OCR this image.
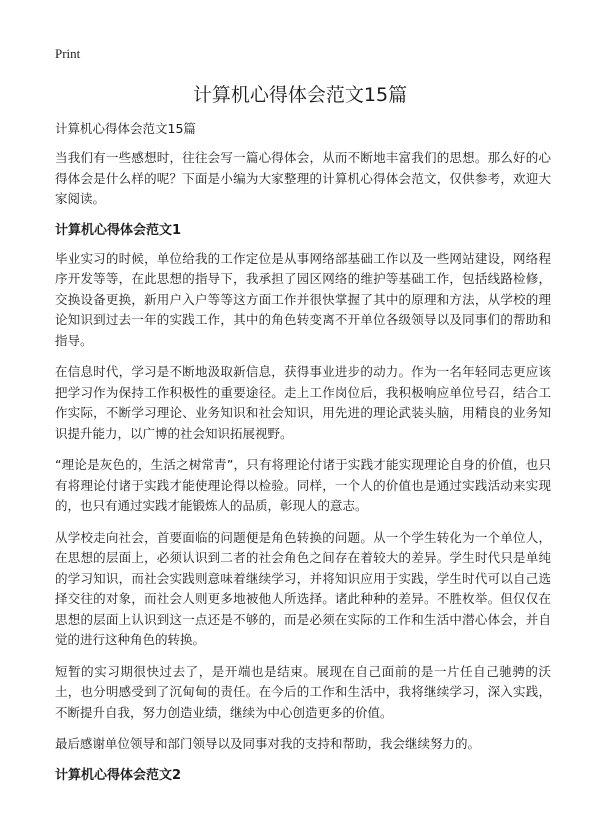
Print
计算机心得体会范文15篇
计算机心得体会范文15篇

当我们有一些感想时，往往会写一篇心得体会，从而不断地丰富我们的思想。那么好的心得体会是什么样的呢？下面是小编为大家整理的计算机心得体会范文，仅供参考，欢迎大家阅读。

计算机心得体会范文1

毕业实习的时候，单位给我的工作定位是从事网络部基础工作以及一些网站建设，网络程序开发等等，在此思想的指导下，我承担了园区网络的维护等基础工作，包括线路检修，交换设备更换，新用户入户等等这方面工作并很快掌握了其中的原理和方法，从学校的理论知识到过去一年的实践工作，其中的角色转变离不开单位各级领导以及同事们的帮助和指导。

在信息时代，学习是不断地汲取新信息，获得事业进步的动力。作为一名年轻同志更应该把学习作为保持工作积极性的重要途径。走上工作岗位后，我积极响应单位号召，结合工作实际，不断学习理论、业务知识和社会知识，用先进的理论武装头脑，用精良的业务知识提升能力，以广博的社会知识拓展视野。

“理论是灰色的，生活之树常青”，只有将理论付诸于实践才能实现理论自身的价值，也只有将理论付诸于实践才能使理论得以检验。同样，一个人的价值也是通过实践活动来实现的，也只有通过实践才能锻炼人的品质，彰现人的意志。

从学校走向社会，首要面临的问题便是角色转换的问题。从一个学生转化为一个单位人，在思想的层面上，必须认识到二者的社会角色之间存在着较大的差异。学生时代只是单纯的学习知识，而社会实践则意味着继续学习，并将知识应用于实践，学生时代可以自己选择交往的对象，而社会人则更多地被他人所选择。诸此种种的差异。不胜枚举。但仅仅在思想的层面上认识到这一点还是不够的，而是必须在实际的工作和生活中潜心体会，并自觉的进行这种角色的转换。

短暂的实习期很快过去了，是开端也是结束。展现在自己面前的是一片任自己驰骋的沃土，也分明感受到了沉甸甸的责任。在今后的工作和生活中，我将继续学习，深入实践，不断提升自我，努力创造业绩，继续为中心创造更多的价值。

最后感谢单位领导和部门领导以及同事对我的支持和帮助，我会继续努力的。

计算机心得体会范文2
